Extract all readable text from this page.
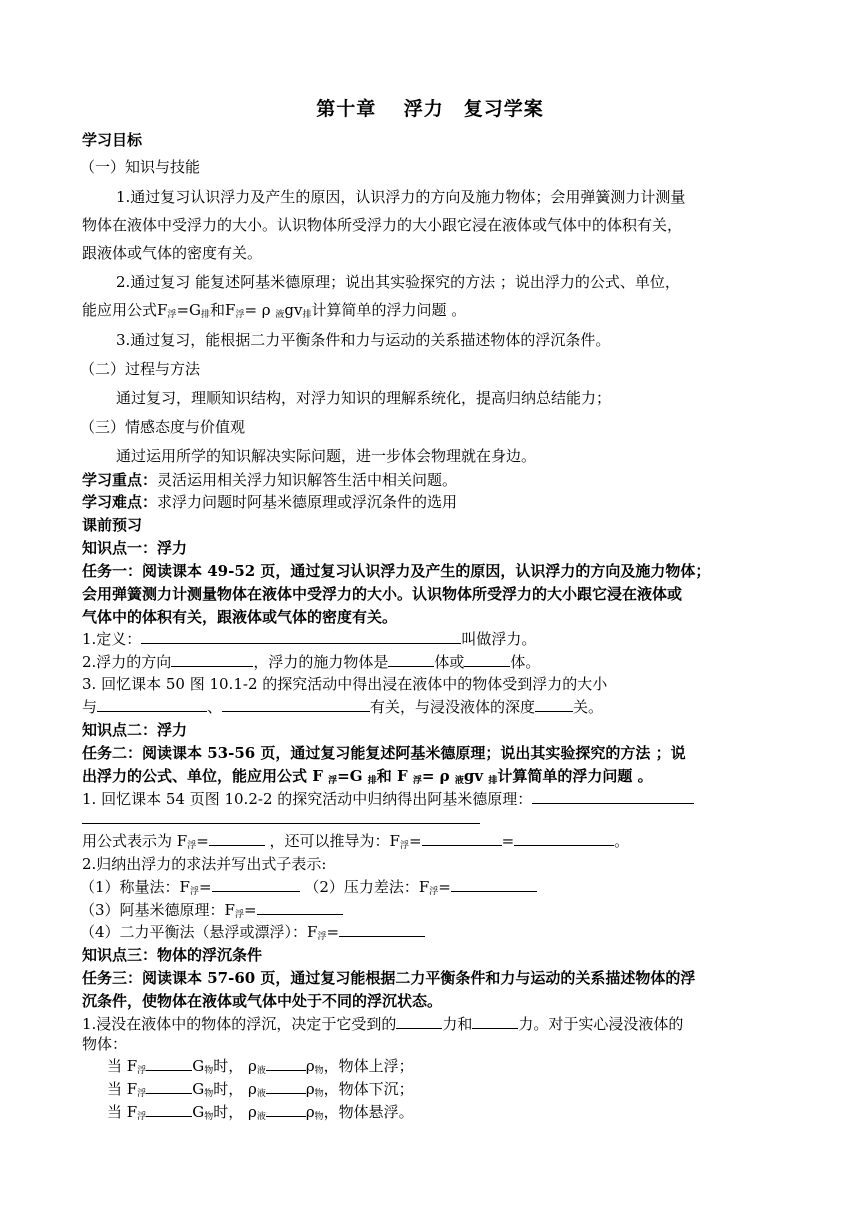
第十章　 浮力　复习学案
学习目标
（一）知识与技能
1.通过复习认识浮力及产生的原因，认识浮力的方向及施力物体；会用弹簧测力计测量
物体在液体中受浮力的大小。认识物体所受浮力的大小跟它浸在液体或气体中的体积有关，
跟液体或气体的密度有关。
2.通过复习 能复述阿基米德原理；说出其实验探究的方法 ；说出浮力的公式、单位，
能应用公式$F_浮=G_排$和$F_浮= \rho$ $_液gv_排$计算简单的浮力问题 。
3.通过复习，能根据二力平衡条件和力与运动的关系描述物体的浮沉条件。
（二）过程与方法
通过复习，理顺知识结构，对浮力知识的理解系统化，提高归纳总结能力；
（三）情感态度与价值观
通过运用所学的知识解决实际问题，进一步体会物理就在身边。
学习重点：灵活运用相关浮力知识解答生活中相关问题。
学习难点：求浮力问题时阿基米德原理或浮沉条件的选用
课前预习
知识点一：浮力
任务一：阅读课本 49-52 页，通过复习认识浮力及产生的原因，认识浮力的方向及施力物体；
会用弹簧测力计测量物体在液体中受浮力的大小。认识物体所受浮力的大小跟它浸在液体或
气体中的体积有关，跟液体或气体的密度有关。
1.定义：	叫做浮力。
2.浮力的方向	，浮力的施力物体是	体或	体。
3. 回忆课本 50 图 10.1-2 的探究活动中得出浸在液体中的物体受到浮力的大小
与	、	有关，与浸没液体的深度	关。
知识点二：浮力
任务二：阅读课本 53-56 页，通过复习能复述阿基米德原理；说出其实验探究的方法 ；说
出浮力的公式、单位，能应用公式 F $_浮$=G $_排$和 F $_浮$= ρ $_液$gv $_排$计算简单的浮力问题 。
1. 回忆课本 54 页图 10.2-2 的探究活动中归纳得出阿基米德原理：
用公式表示为 $F_浮=$	，还可以推导为：$F_浮=$	=	。
2.归纳出浮力的求法并写出式子表示:
（1）称量法：$F_浮=$	（2）压力差法：$F_浮=$
（3）阿基米德原理：$F_浮=$
（4）二力平衡法（悬浮或漂浮）：$F_浮=$
知识点三：物体的浮沉条件
任务三：阅读课本 57-60 页，通过复习能根据二力平衡条件和力与运动的关系描述物体的浮
沉条件，使物体在液体或气体中处于不同的浮沉状态。
1.浸没在液体中的物体的浮沉，决定于它受到的	力和	力。对于实心浸没液体的
物体：
当 $F_浮$	$G_物$时， $\rho_液$	$\rho_物$，物体上浮；
当 $F_浮$	$G_物$时， $\rho_液$	$\rho_物$，物体下沉；
当 $F_浮$	$G_物$时， $\rho_液$	$\rho_物$，物体悬浮。
